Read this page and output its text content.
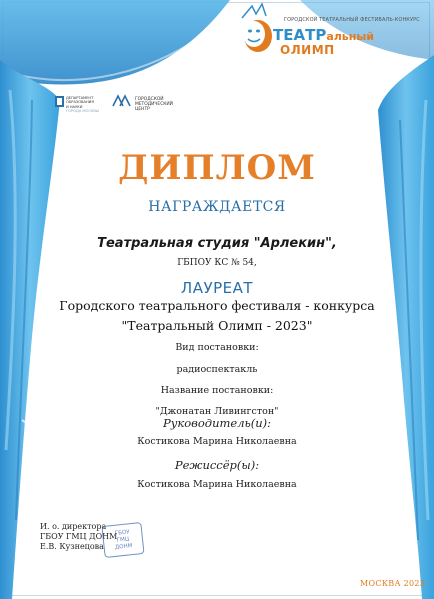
ГОРОДСКОЙ ТЕАТРАЛЬНЫЙ ФЕСТИВАЛЬ-КОНКУРС
ТЕАТРальный
ОЛИМП
ДЕПАРТАМЕНТ
ОБРАЗОВАНИЯ
И НАУКИ
ГОРОДА МОСКВЫ
ГОРОДСКОЙ
МЕТОДИЧЕСКИЙ
ЦЕНТР
ДИПЛОМ
НАГРАЖДАЕТСЯ
Театральная студия "Арлекин",
ГБПОУ КС № 54,
ЛАУРЕАТ
Городского театрального фестиваля - конкурса
"Театральный Олимп - 2023"
Вид постановки:
радиоспектакль
Название постановки:
"Джонатан Ливингстон"
Руководитель(и):
Костикова Марина Николаевна
Режиссёр(ы):
Костикова Марина Николаевна
И. о. директора
ГБОУ ГМЦ ДОНМ
Е.В. Кузнецова
ГБОУ
ГМЦ
ДОНМ
МОСКВА 2023
